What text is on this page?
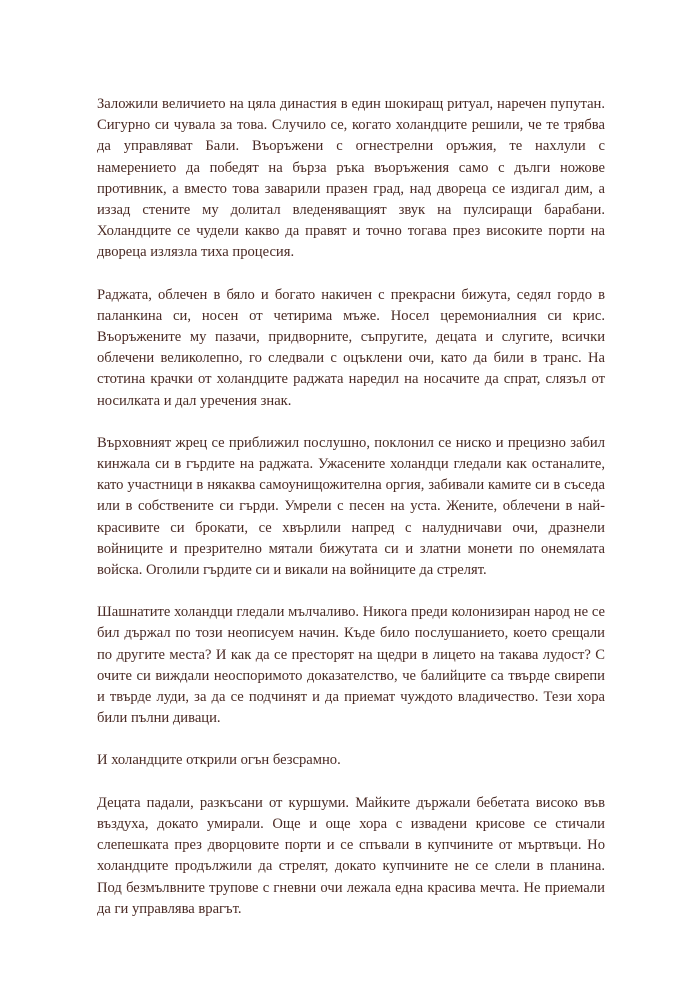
Заложили величието на цяла династия в един шокиращ ритуал, наречен пупутан. Сигурно си чувала за това. Случило се, когато холандците решили, че те трябва да управляват Бали. Въоръжени с огнестрелни оръжия, те нахлули с намерението да победят на бърза ръка въоръжения само с дълги ножове противник, а вместо това заварили празен град, над двореца се издигал дим, а иззад стените му долитал вледеняващият звук на пулсиращи барабани. Холандците се чудели какво да правят и точно тогава през високите порти на двореца излязла тиха процесия.

Раджата, облечен в бяло и богато накичен с прекрасни бижута, седял гордо в паланкина си, носен от четирима мъже. Носел церемониалния си крис. Въоръжените му пазачи, придворните, съпругите, децата и слугите, всички облечени великолепно, го следвали с оцъклени очи, като да били в транс. На стотина крачки от холандците раджата наредил на носачите да спрат, слязъл от носилката и дал уречения знак.

Върховният жрец се приближил послушно, поклонил се ниско и прецизно забил кинжала си в гърдите на раджата. Ужасените холандци гледали как останалите, като участници в някаква самоунищожителна оргия, забивали камите си в съседа или в собствените си гърди. Умрели с песен на уста. Жените, облечени в най-красивите си брокати, се хвърлили напред с налудничави очи, дразнели войниците и презрително мятали бижутата си и златни монети по онемялата войска. Оголили гърдите си и викали на войниците да стрелят.

Шашнатите холандци гледали мълчаливо. Никога преди колонизиран народ не се бил държал по този неописуем начин. Къде било послушанието, което срещали по другите места? И как да се престорят на щедри в лицето на такава лудост? С очите си виждали неоспоримото доказателство, че балийците са твърде свирепи и твърде луди, за да се подчинят и да приемат чуждото владичество. Тези хора били пълни диваци.

И холандците открили огън безсрамно.

Децата падали, разкъсани от куршуми. Майките държали бебетата високо във въздуха, докато умирали. Още и още хора с извадени крисове се стичали слепешката през дворцовите порти и се спъвали в купчините от мъртвъци. Но холандците продължили да стрелят, докато купчините не се слели в планина. Под безмълвните трупове с гневни очи лежала една красива мечта. Не приемали да ги управлява врагът.
